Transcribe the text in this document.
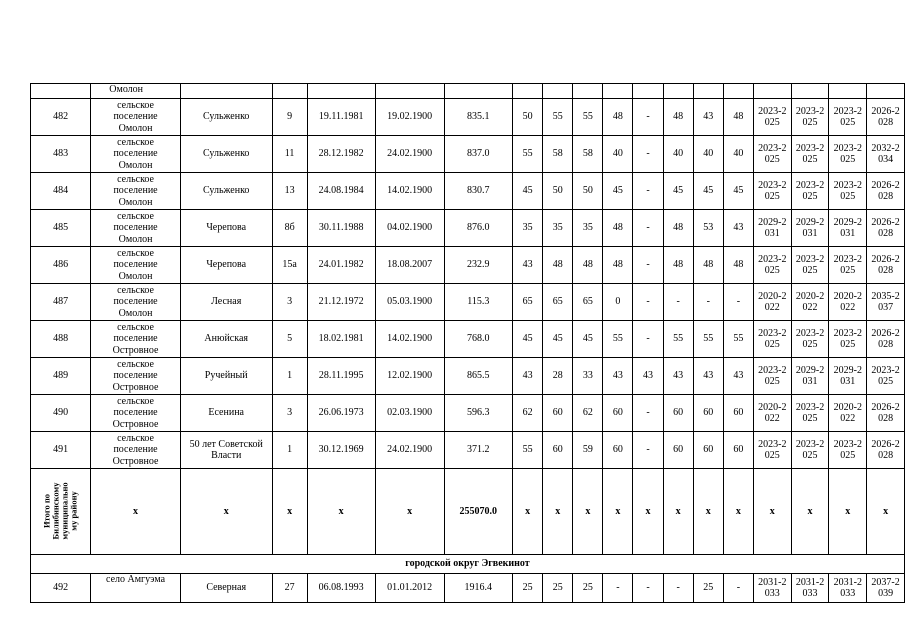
	Омолон																	
482	сельское
поселение
Омолон	Сульженко	9	19.11.1981	19.02.1900	835.1	50	55	55	48	-	48	43	48	2023-2025	2023-2025	2023-2025	2026-2028
483	сельское
поселение
Омолон	Сульженко	11	28.12.1982	24.02.1900	837.0	55	58	58	40	-	40	40	40	2023-2025	2023-2025	2023-2025	2032-2034
484	сельское
поселение
Омолон	Сульженко	13	24.08.1984	14.02.1900	830.7	45	50	50	45	-	45	45	45	2023-2025	2023-2025	2023-2025	2026-2028
485	сельское
поселение
Омолон	Черепова	8б	30.11.1988	04.02.1900	876.0	35	35	35	48	-	48	53	43	2029-2031	2029-2031	2029-2031	2026-2028
486	сельское
поселение
Омолон	Черепова	15а	24.01.1982	18.08.2007	232.9	43	48	48	48	-	48	48	48	2023-2025	2023-2025	2023-2025	2026-2028
487	сельское
поселение
Омолон	Лесная	3	21.12.1972	05.03.1900	115.3	65	65	65	0	-	-	-	-	2020-2022	2020-2022	2020-2022	2035-2037
488	сельское
поселение
Островное	Анюйская	5	18.02.1981	14.02.1900	768.0	45	45	45	55	-	55	55	55	2023-2025	2023-2025	2023-2025	2026-2028
489	сельское
поселение
Островное	Ручейный	1	28.11.1995	12.02.1900	865.5	43	28	33	43	43	43	43	43	2023-2025	2029-2031	2029-2031	2023-2025
490	сельское
поселение
Островное	Есенина	3	26.06.1973	02.03.1900	596.3	62	60	62	60	-	60	60	60	2020-2022	2023-2025	2020-2022	2026-2028
491	сельское
поселение
Островное	50 лет Советской Власти	1	30.12.1969	24.02.1900	371.2	55	60	59	60	-	60	60	60	2023-2025	2023-2025	2023-2025	2026-2028
Итого по
Билибинскому
муниципально
му району	x	x	x	x	x	255070.0	x	x	x	x	x	x	x	x	x	x	x	x
городской округ Эгвекинот																		
492	село Амгуэма	Северная	27	06.08.1993	01.01.2012	1916.4	25	25	25	-	-	-	25	-	2031-2033	2031-2033	2031-2033	2037-2039
